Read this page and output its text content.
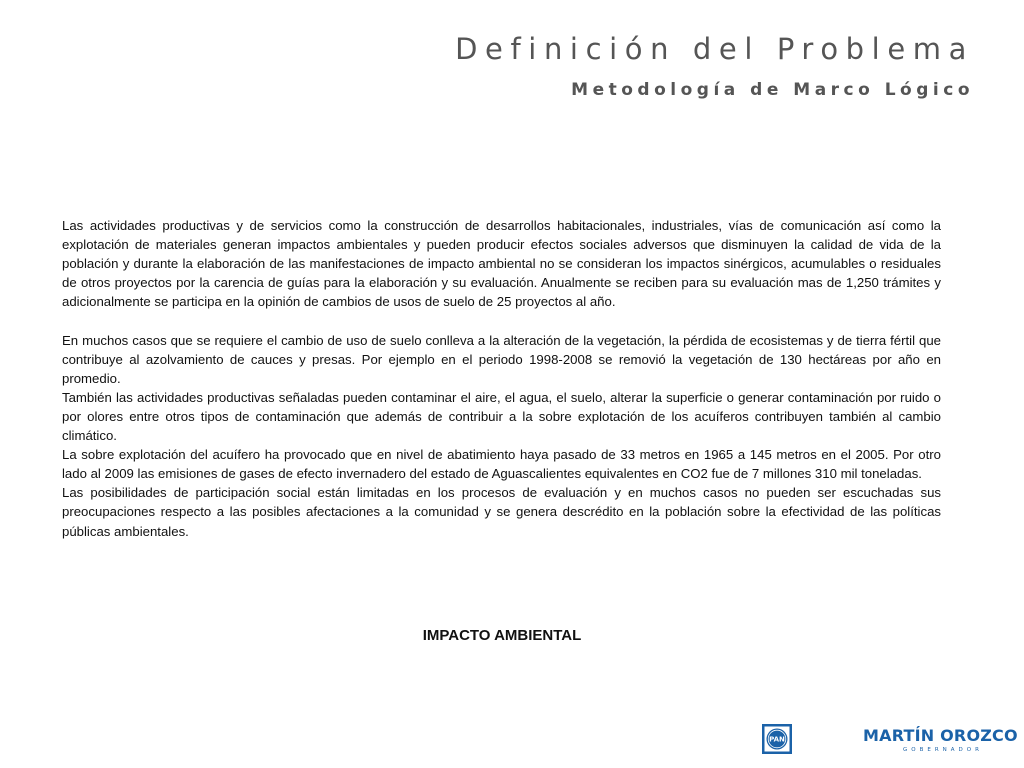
Definición del Problema
Metodología de Marco Lógico

Las actividades productivas y de servicios como la construcción de desarrollos habitacionales, industriales, vías de comunicación así como la explotación de materiales generan impactos ambientales y pueden producir efectos sociales adversos que disminuyen la calidad de vida de la población y durante la elaboración de las manifestaciones de impacto ambiental no se consideran los impactos sinérgicos, acumulables o residuales de otros proyectos por la carencia de guías para la elaboración y su evaluación. Anualmente se reciben para su evaluación mas de 1,250 trámites y adicionalmente se participa en la opinión de cambios de usos de suelo de 25 proyectos al año.

En muchos casos que se requiere el cambio de uso de suelo conlleva a la alteración de la vegetación, la pérdida de ecosistemas y de tierra fértil que contribuye al azolvamiento de cauces y presas. Por ejemplo en el periodo 1998-2008 se removió la vegetación de 130 hectáreas por año en promedio.

También las actividades productivas señaladas pueden contaminar el aire, el agua, el suelo, alterar la superficie o generar contaminación por ruido o por olores entre otros tipos de contaminación que además de contribuir a la sobre explotación de los acuíferos contribuyen también al cambio climático.

La sobre explotación del acuífero ha provocado que en nivel de abatimiento haya pasado de 33 metros en 1965 a 145 metros en el 2005. Por otro lado al 2009 las emisiones de gases de efecto invernadero del estado de Aguascalientes equivalentes en CO2 fue de 7 millones 310 mil toneladas.

Las posibilidades de participación social están limitadas en los procesos de evaluación y en muchos casos no pueden ser escuchadas sus preocupaciones respecto a las posibles afectaciones a la comunidad y se genera descrédito en la población sobre la efectividad de las políticas públicas ambientales.

IMPACTO AMBIENTAL
PAN	MARTÍN OROZCO
GOBERNADOR
